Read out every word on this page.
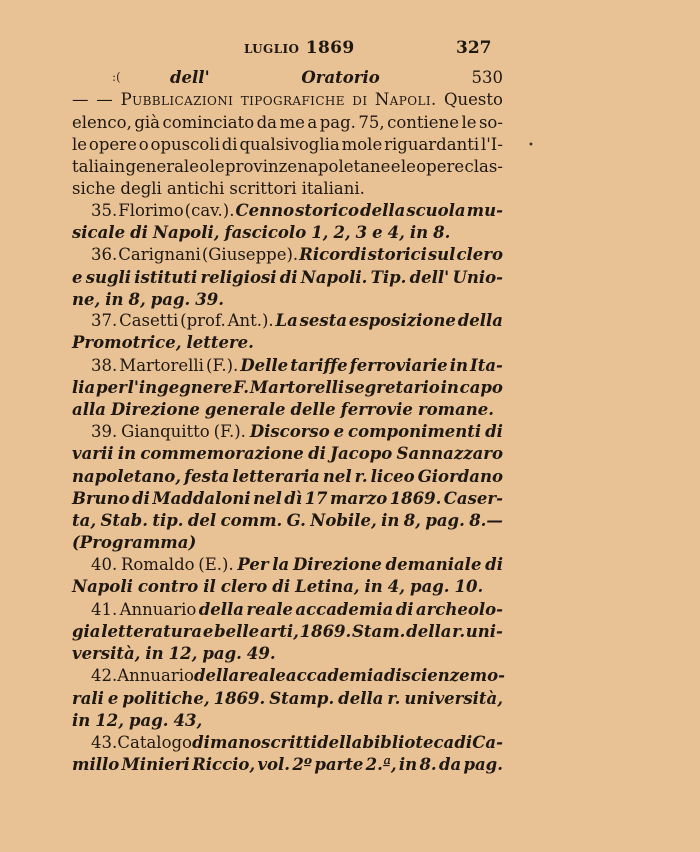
luglio 1869	327
:(
•
dell'	Oratorio	530
— — Pubblicazioni tipografiche di Napoli. Questo
elenco, già cominciato da me a pag. 75, contiene le so-
le opere o opuscoli di qualsivoglia mole riguardanti l'I-
talia in generale o le provinze napoletane e le opere clas-
siche degli antichi scrittori italiani.
35. Florimo (cav.). Cenno storico della scuola mu-
sicale di Napoli, fascicolo 1, 2, 3 e 4, in 8.
36. Carignani (Giuseppe). Ricordi storici sul clero
e sugli istituti religiosi di Napoli. Tip. dell' Unio-
ne, in 8, pag. 39.
37. Casetti (prof. Ant.). La sesta esposizione della
Promotrice, lettere.
38. Martorelli (F.). Delle tariffe ferroviarie in Ita-
lia per l'ingegnere F. Martorelli segretario in capo
alla Direzione generale delle ferrovie romane.
39. Gianquitto (F.). Discorso e componimenti di
varii in commemorazione di Jacopo Sannazzaro
napoletano, festa letteraria nel r. liceo Giordano
Bruno di Maddaloni nel dì 17 marzo 1869. Caser-
ta, Stab. tip. del comm. G. Nobile, in 8, pag. 8.—
(Programma)
40. Romaldo (E.). Per la Direzione demaniale di
Napoli contro il clero di Letina, in 4, pag. 10.
41. Annuario della reale accademia di archeolo-
gia letteratura e belle arti, 1869. Stam. della r. uni-
versità, in 12, pag. 49.
42. Annuario della reale accademia di scienze mo-
rali e politiche, 1869. Stamp. della r. università,
in 12, pag. 43,
43. Catalogo di manoscritti della biblioteca di Ca-
millo Minieri Riccio, vol. 2º parte 2.ª, in 8. da pag.
